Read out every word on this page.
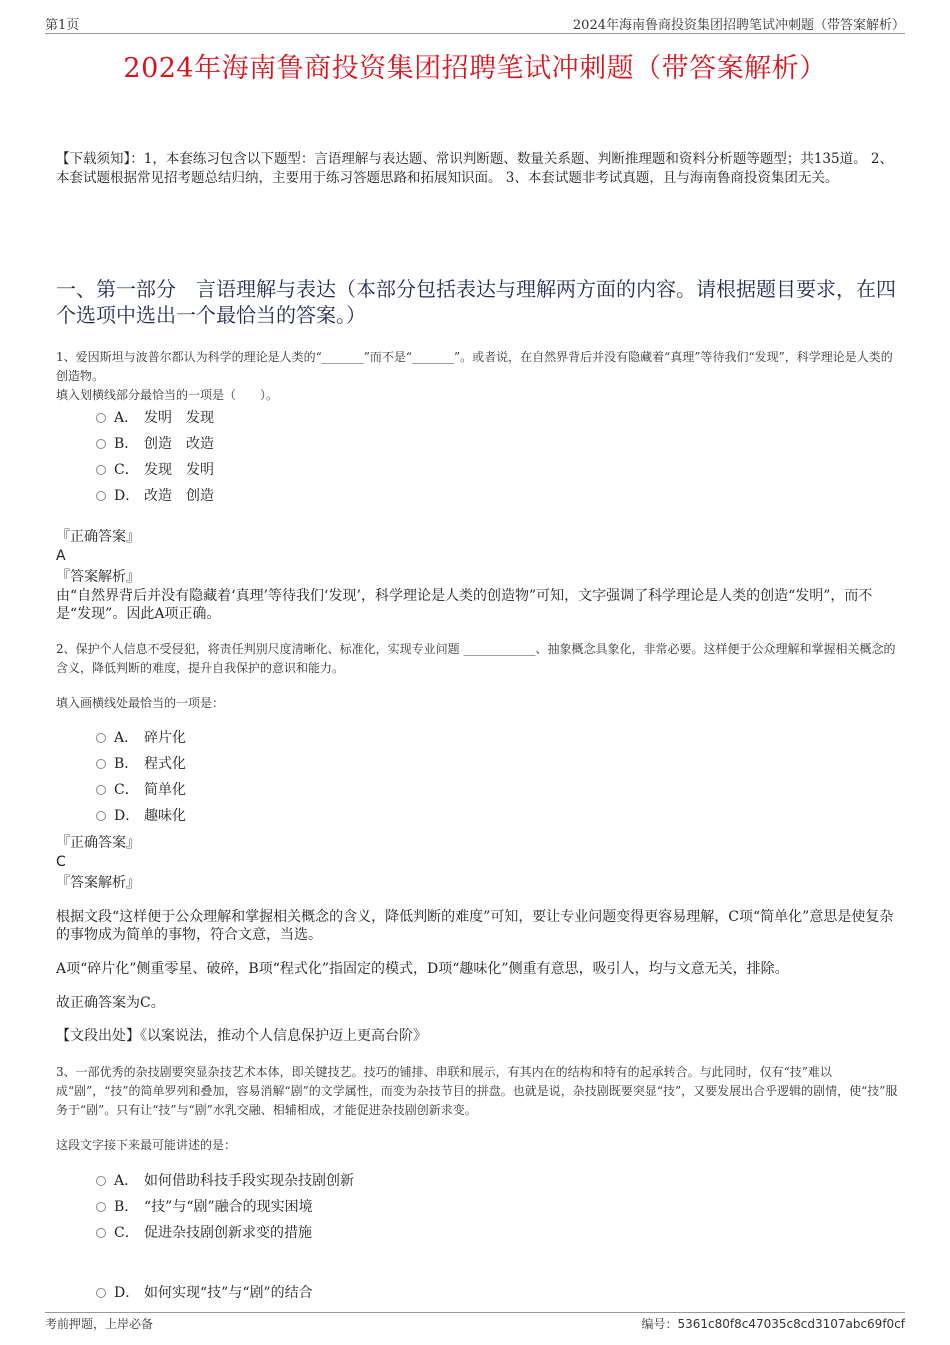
第1页	2024年海南鲁商投资集团招聘笔试冲刺题（带答案解析）
2024年海南鲁商投资集团招聘笔试冲刺题（带答案解析）
【下载须知】：1，本套练习包含以下题型：言语理解与表达题、常识判断题、数量关系题、判断推理题和资料分析题等题型；共135道。 2、本套试题根据常见招考题总结归纳，主要用于练习答题思路和拓展知识面。 3、本套试题非考试真题，且与海南鲁商投资集团无关。
一、第一部分　言语理解与表达（本部分包括表达与理解两方面的内容。请根据题目要求，在四个选项中选出一个最恰当的答案。）
1、爱因斯坦与波普尔都认为科学的理论是人类的“_______”而不是“_______”。或者说，在自然界背后并没有隐藏着“真理”等待我们“发现”，科学理论是人类的创造物。
填入划横线部分最恰当的一项是（　　）。
A． 发明　发现
B． 创造　改造
C． 发现　发明
D． 改造　创造
『正确答案』
A
『答案解析』
由“自然界背后并没有隐藏着‘真理’等待我们‘发现’，科学理论是人类的创造物”可知，文字强调了科学理论是人类的创造“发明”，而不是“发现”。因此A项正确。
2、保护个人信息不受侵犯，将责任判别尺度清晰化、标准化，实现专业问题 ____________、抽象概念具象化，非常必要。这样便于公众理解和掌握相关概念的含义，降低判断的难度，提升自我保护的意识和能力。
填入画横线处最恰当的一项是：
A． 碎片化
B． 程式化
C． 简单化
D． 趣味化
『正确答案』
C
『答案解析』
根据文段“这样便于公众理解和掌握相关概念的含义，降低判断的难度”可知，要让专业问题变得更容易理解，C项“简单化”意思是使复杂的事物成为简单的事物，符合文意，当选。
A项“碎片化”侧重零星、破碎，B项“程式化”指固定的模式，D项“趣味化”侧重有意思，吸引人，均与文意无关，排除。
故正确答案为C。
【文段出处】《以案说法，推动个人信息保护迈上更高台阶》
3、一部优秀的杂技剧要突显杂技艺术本体，即关键技艺。技巧的铺排、串联和展示，有其内在的结构和特有的起承转合。与此同时，仅有“技”难以成“剧”，“技”的简单罗列和叠加，容易消解“剧”的文学属性，而变为杂技节目的拼盘。也就是说，杂技剧既要突显“技”，又要发展出合乎逻辑的剧情，使“技”服务于“剧”。只有让“技”与“剧”水乳交融、相辅相成，才能促进杂技剧创新求变。
这段文字接下来最可能讲述的是：
A． 如何借助科技手段实现杂技剧创新
B． “技”与“剧”融合的现实困境
C． 促进杂技剧创新求变的措施
D． 如何实现“技”与“剧”的结合
考前押题，上岸必备	编号：5361c80f8c47035c8cd3107abc69f0cf
